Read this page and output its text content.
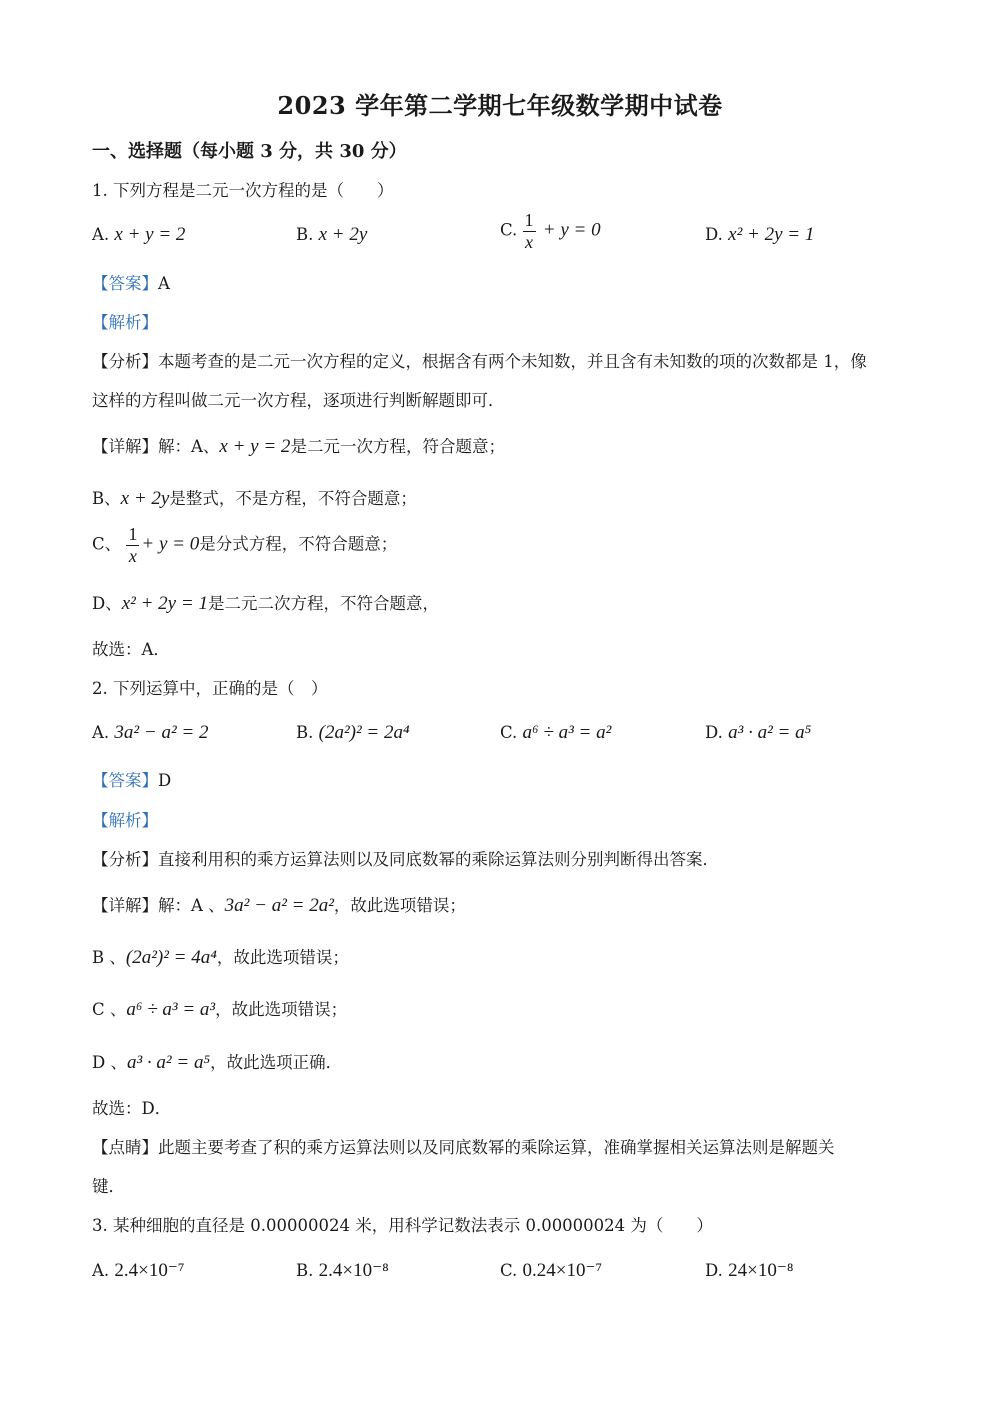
2023 学年第二学期七年级数学期中试卷
一、选择题（每小题 3 分，共 30 分）
1. 下列方程是二元一次方程的是（　　）
A. x + y = 2	B. x + 2y	C. $\frac{1}{x} + y = 0$	D. x² + 2y = 1
【答案】A
【解析】
【分析】本题考查的是二元一次方程的定义，根据含有两个未知数，并且含有未知数的项的次数都是 1，像
这样的方程叫做二元一次方程，逐项进行判断解题即可．
【详解】解：A、x + y = 2是二元一次方程，符合题意；
B、x + 2y是整式，不是方程，不符合题意；
C、 $\frac{1}{x} + y = 0$是分式方程，不符合题意；
D、x² + 2y = 1是二元二次方程，不符合题意，
故选：A．
2. 下列运算中，正确的是（　）
A. 3a² − a² = 2	B. (2a²)² = 2a⁴	C. a⁶ ÷ a³ = a²	D. a³ · a² = a⁵
【答案】D
【解析】
【分析】直接利用积的乘方运算法则以及同底数幂的乘除运算法则分别判断得出答案．
【详解】解：A 、3a² − a² = 2a²，故此选项错误；
B 、(2a²)² = 4a⁴，故此选项错误；
C 、a⁶ ÷ a³ = a³，故此选项错误；
D 、a³ · a² = a⁵，故此选项正确．
故选：D．
【点睛】此题主要考查了积的乘方运算法则以及同底数幂的乘除运算，准确掌握相关运算法则是解题关
键．
3. 某种细胞的直径是 0.00000024 米，用科学记数法表示 0.00000024 为（　　）
A. 2.4×10⁻⁷	B. 2.4×10⁻⁸	C. 0.24×10⁻⁷	D. 24×10⁻⁸
